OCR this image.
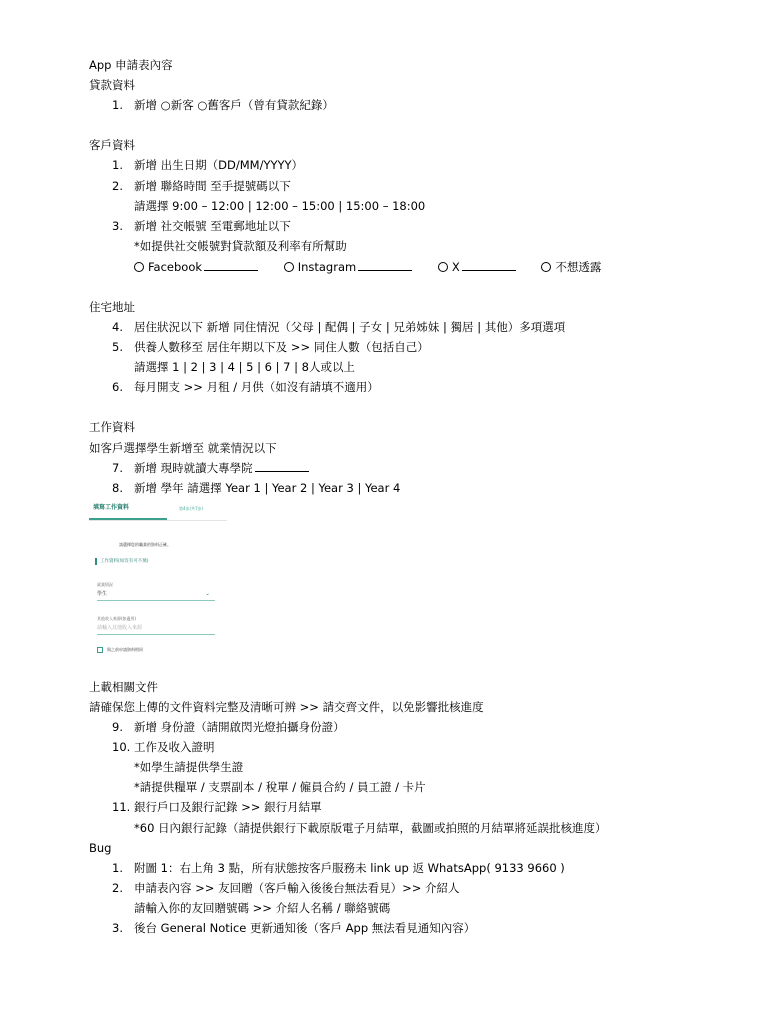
App 申請表內容
貸款資料
1. 新增 ○新客 ○舊客戶（曾有貸款紀錄）
客戶資料
1. 新增 出生日期（DD/MM/YYYY）
2. 新增 聯絡時間 至手提號碼以下
請選擇 9:00 – 12:00 | 12:00 – 15:00 | 15:00 – 18:00
3. 新增 社交帳號 至電郵地址以下
*如提供社交帳號對貸款額及利率有所幫助
Facebook	Instagram	X	不想透露
住宅地址
4. 居住狀況以下 新增 同住情況（父母 | 配偶 | 子女 | 兄弟姊妹 | 獨居 | 其他）多項選項
5. 供養人數移至 居住年期以下及 >> 同住人數（包括自己）
請選擇 1 | 2 | 3 | 4 | 5 | 6 | 7 | 8人或以上
6. 每月開支 >> 月租 / 月供（如沒有請填不適用）
工作資料
如客戶選擇學生新增至 就業情況以下
7. 新增 現時就讀大專學院
8. 新增 學年 請選擇 Year 1 | Year 2 | Year 3 | Year 4
填寫工作資料	第4步(共7步)
請選擇您的職業的資料正確。
工作資料(如沒有可不填)
就業情況
學生	⌄
其他收入來源(如適用)
請輸入其他收入來源
與之前申請資料相同
上載相關文件
請確保您上傳的文件資料完整及清晰可辨 >> 請交齊文件，以免影響批核進度
9. 新增 身份證（請開啟閃光燈拍攝身份證）
10. 工作及收入證明
*如學生請提供學生證
*請提供糧單 / 支票副本 / 稅單 / 僱員合約 / 員工證 / 卡片
11. 銀行戶口及銀行記錄 >> 銀行月結單
*60 日內銀行記錄（請提供銀行下載原版電子月結單，截圖或拍照的月結單將延誤批核進度）
Bug
1. 附圖 1：右上角 3 點，所有狀態按客戶服務未 link up 返 WhatsApp( 9133 9660 )
2. 申請表內容 >> 友回贈（客戶輸入後後台無法看見）>> 介紹人
請輸入你的友回贈號碼 >> 介紹人名稱 / 聯絡號碼
3. 後台 General Notice 更新通知後（客戶 App 無法看見通知內容）
